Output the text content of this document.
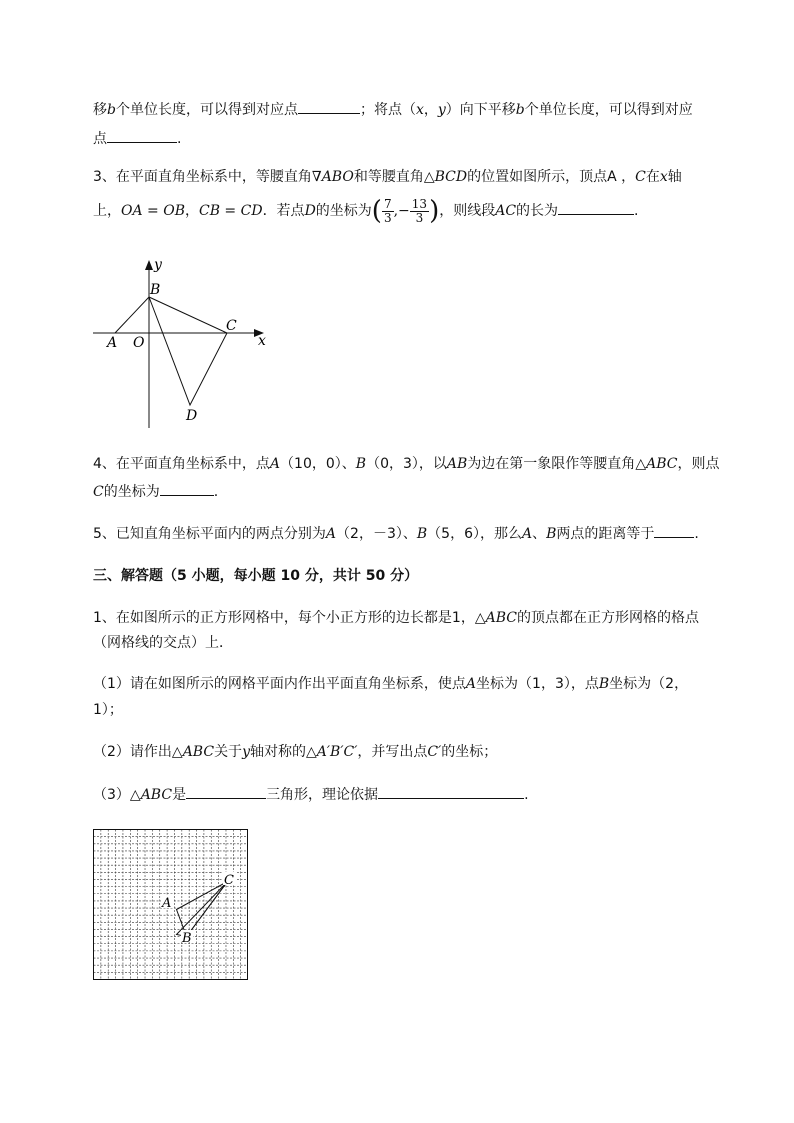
移b个单位长度，可以得到对应点	；将点（x，y）向下平移b个单位长度，可以得到对应
点	.
3、在平面直角坐标系中，等腰直角∇ABO和等腰直角△BCD的位置如图所示，顶点A ，C在x轴
上，OA = OB，CB = CD．若点D的坐标为( $\frac{7}{3}$ ,− $\frac{13}{3}$ )，则线段AC的长为	.
y
x
B
C
A O
D
4、在平面直角坐标系中，点A（10，0）、B（0，3），以AB为边在第一象限作等腰直角△ABC，则点
C的坐标为	.
5、已知直角坐标平面内的两点分别为A（2，－3）、B（5，6），那么A、B两点的距离等于	.
三、解答题（5 小题，每小题 10 分，共计 50 分）
1、在如图所示的正方形网格中，每个小正方形的边长都是1，△ABC的顶点都在正方形网格的格点
（网格线的交点）上．
（1）请在如图所示的网格平面内作出平面直角坐标系，使点A坐标为（1，3），点B坐标为（2，
1）；
（2）请作出△ABC关于y轴对称的△A′B′C′，并写出点C′的坐标；
（3）△ABC是	三角形，理论依据	.
A
B
C
